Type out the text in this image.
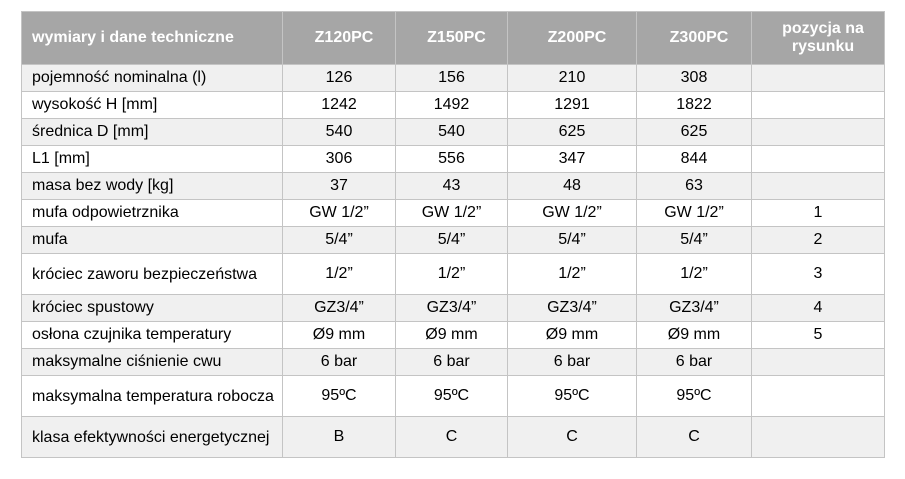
wymiary i dane techniczne	Z120PC	Z150PC	Z200PC	Z300PC	pozycja na rysunku
pojemność nominalna (l)	126	156	210	308	
wysokość H [mm]	1242	1492	1291	1822	
średnica D [mm]	540	540	625	625	
L1 [mm]	306	556	347	844	
masa bez wody [kg]	37	43	48	63	
mufa odpowietrznika	GW 1/2”	GW 1/2”	GW 1/2”	GW 1/2”	1
mufa	5/4”	5/4”	5/4”	5/4”	2
króciec zaworu bezpieczeństwa	1/2”	1/2”	1/2”	1/2”	3
króciec spustowy	GZ3/4”	GZ3/4”	GZ3/4”	GZ3/4”	4
osłona czujnika temperatury	Ø9 mm	Ø9 mm	Ø9 mm	Ø9 mm	5
maksymalne ciśnienie cwu	6 bar	6 bar	6 bar	6 bar	
maksymalna temperatura robocza	95ºC	95ºC	95ºC	95ºC	
klasa efektywności energetycznej	B	C	C	C	
